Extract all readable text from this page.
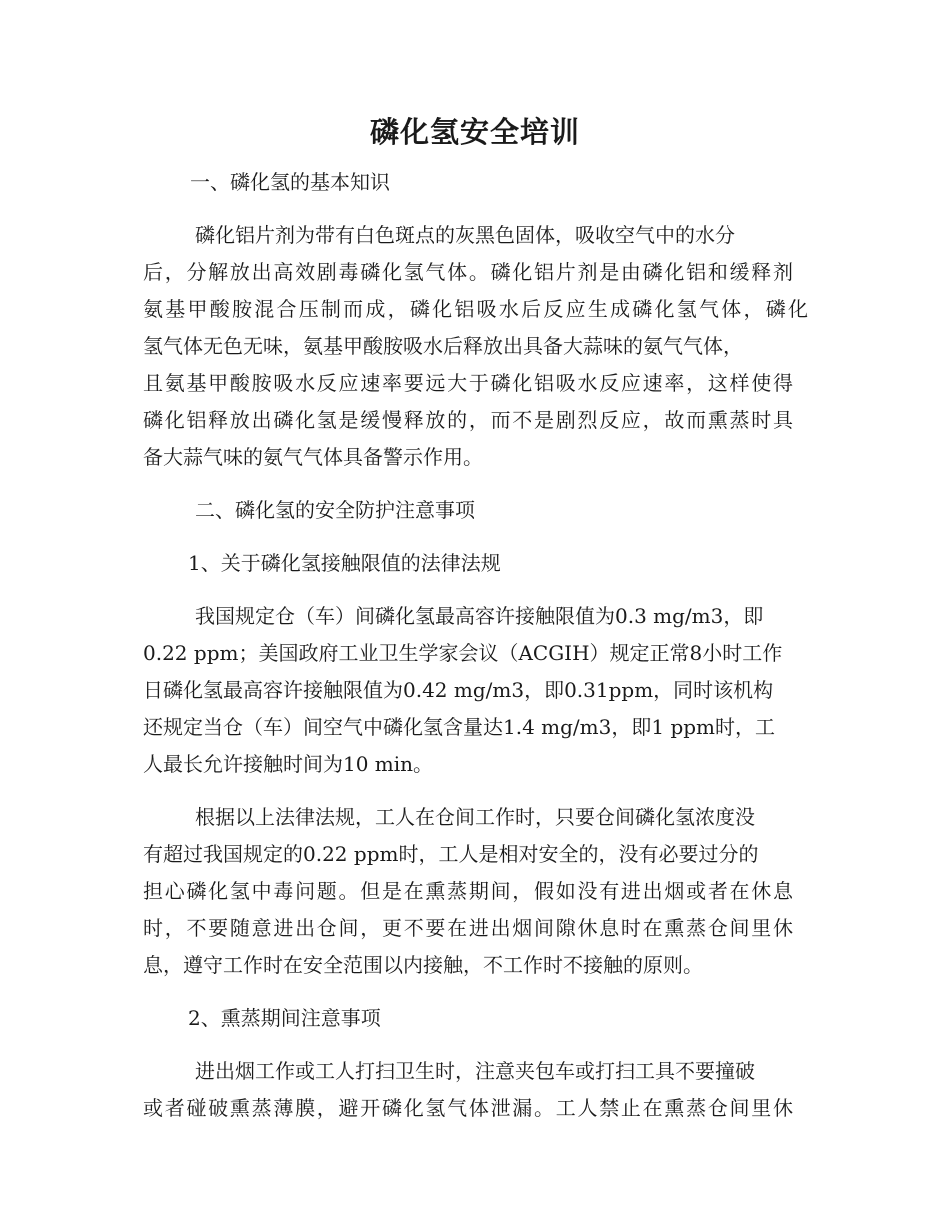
磷化氢安全培训
一、磷化氢的基本知识
磷化铝片剂为带有白色斑点的灰黑色固体，吸收空气中的水分
后，分解放出高效剧毒磷化氢气体。磷化铝片剂是由磷化铝和缓释剂
氨基甲酸胺混合压制而成，磷化铝吸水后反应生成磷化氢气体，磷化
氢气体无色无味，氨基甲酸胺吸水后释放出具备大蒜味的氨气气体，
且氨基甲酸胺吸水反应速率要远大于磷化铝吸水反应速率，这样使得
磷化铝释放出磷化氢是缓慢释放的，而不是剧烈反应，故而熏蒸时具
备大蒜气味的氨气气体具备警示作用。
二、磷化氢的安全防护注意事项
1、关于磷化氢接触限值的法律法规
我国规定仓（车）间磷化氢最高容许接触限值为0.3 mg/m3，即
0.22 ppm；美国政府工业卫生学家会议（ACGIH）规定正常8小时工作
日磷化氢最高容许接触限值为0.42 mg/m3，即0.31ppm，同时该机构
还规定当仓（车）间空气中磷化氢含量达1.4 mg/m3，即1 ppm时，工
人最长允许接触时间为10 min。
根据以上法律法规，工人在仓间工作时，只要仓间磷化氢浓度没
有超过我国规定的0.22 ppm时，工人是相对安全的，没有必要过分的
担心磷化氢中毒问题。但是在熏蒸期间，假如没有进出烟或者在休息
时，不要随意进出仓间，更不要在进出烟间隙休息时在熏蒸仓间里休
息，遵守工作时在安全范围以内接触，不工作时不接触的原则。
2、熏蒸期间注意事项
进出烟工作或工人打扫卫生时，注意夹包车或打扫工具不要撞破
或者碰破熏蒸薄膜，避开磷化氢气体泄漏。工人禁止在熏蒸仓间里休
